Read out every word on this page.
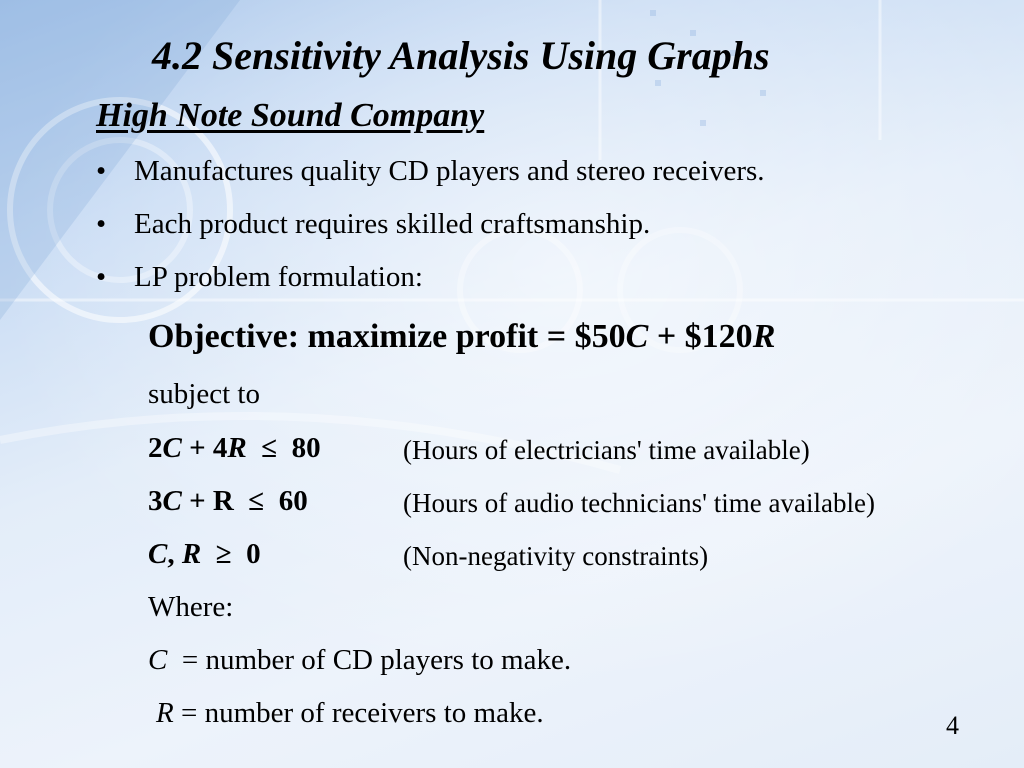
4.2 Sensitivity Analysis Using Graphs
High Note Sound Company
• Manufactures quality CD players and stereo receivers.
• Each product requires skilled craftsmanship.
• LP problem formulation:
Objective: maximize profit = $50C + $120R
subject to
2C + 4R  ≤  80	(Hours of electricians' time available)
3C + R  ≤  60	(Hours of audio technicians' time available)
C, R  ≥  0	(Non-negativity constraints)
Where:
C  = number of CD players to make.
R = number of receivers to make.	4
